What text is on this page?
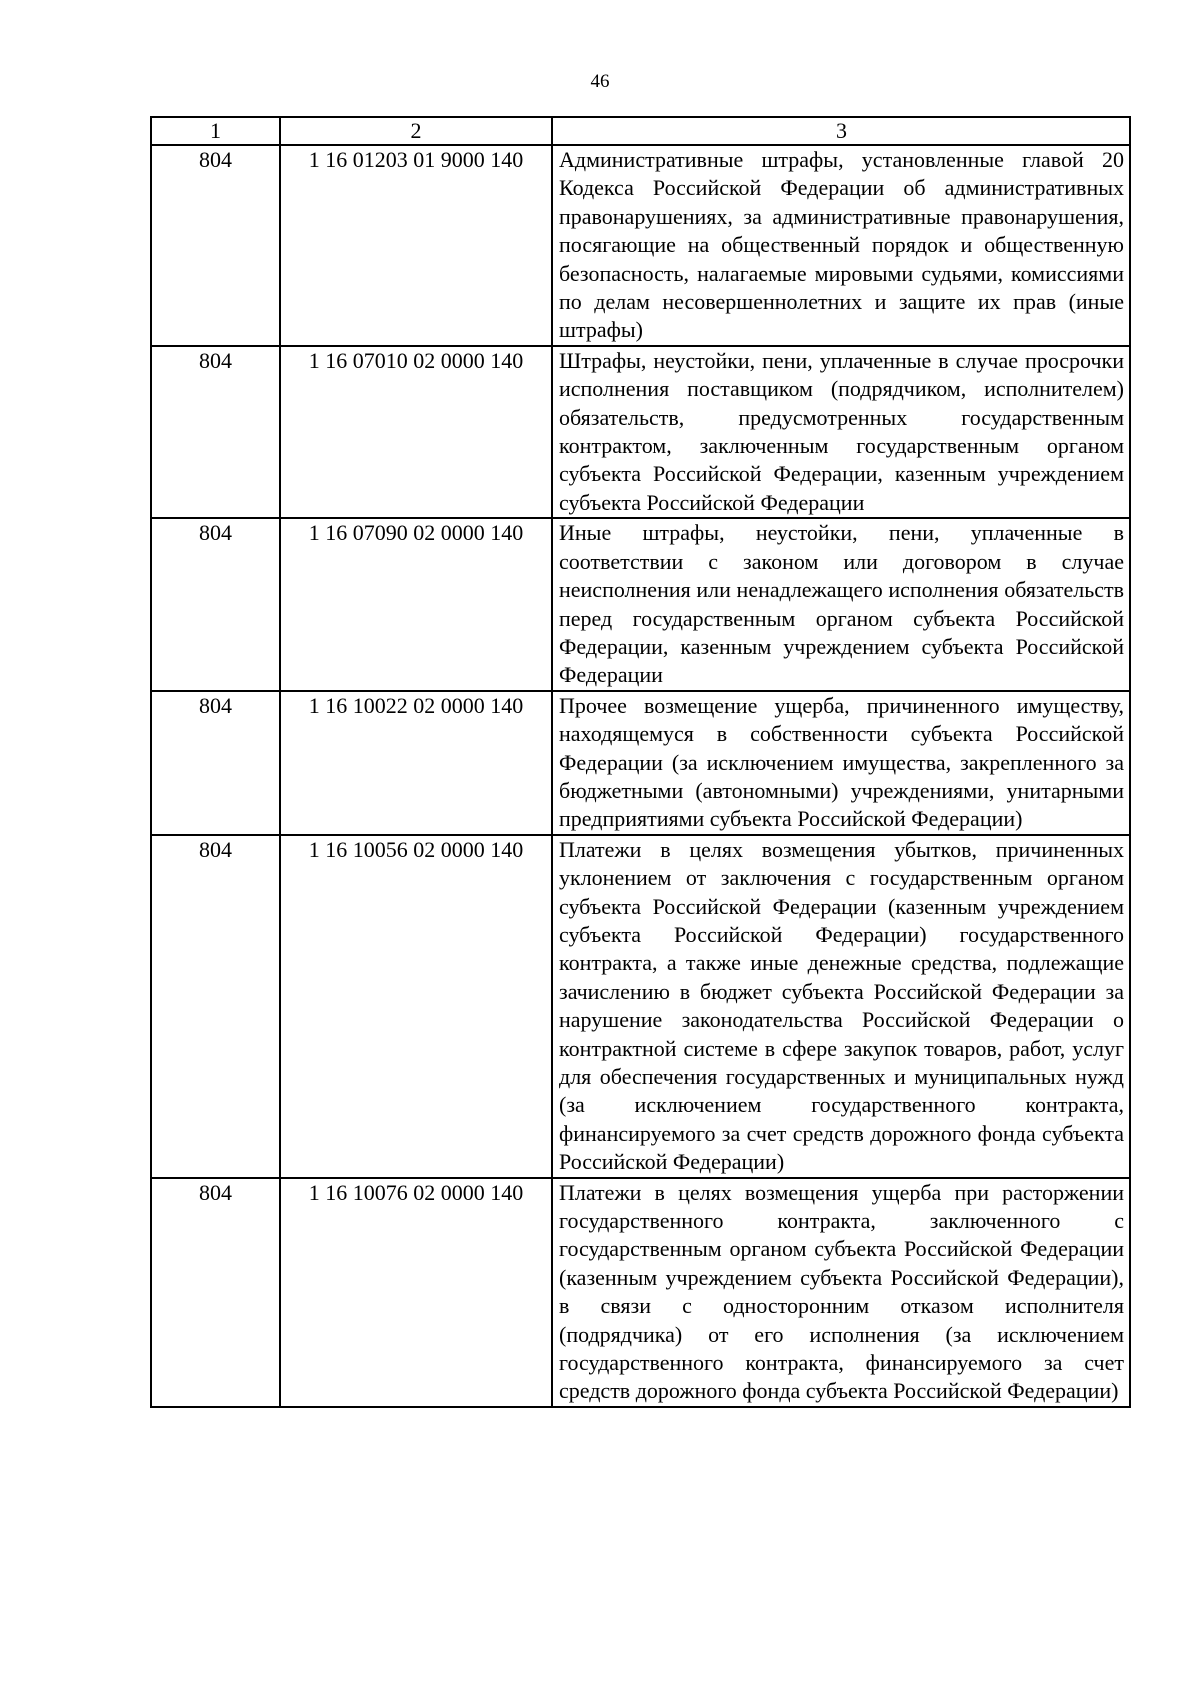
46
1	2	3
804	1 16 01203 01 9000 140	Административные штрафы, установленные главой 20 Кодекса Российской Федерации об административных правонарушениях, за административные правонарушения, посягающие на общественный порядок и общественную безопасность, налагаемые мировыми судьями, комиссиями по делам несовершеннолетних и защите их прав (иные штрафы)
804	1 16 07010 02 0000 140	Штрафы, неустойки, пени, уплаченные в случае просрочки исполнения поставщиком (подрядчиком, исполнителем) обязательств, предусмотренных государственным контрактом, заключенным государственным органом субъекта Российской Федерации, казенным учреждением субъекта Российской Федерации
804	1 16 07090 02 0000 140	Иные штрафы, неустойки, пени, уплаченные в соответствии с законом или договором в случае неисполнения или ненадлежащего исполнения обязательств перед государственным органом субъекта Российской Федерации, казенным учреждением субъекта Российской Федерации
804	1 16 10022 02 0000 140	Прочее возмещение ущерба, причиненного имуществу, находящемуся в собственности субъекта Российской Федерации (за исключением имущества, закрепленного за бюджетными (автономными) учреждениями, унитарными предприятиями субъекта Российской Федерации)
804	1 16 10056 02 0000 140	Платежи в целях возмещения убытков, причиненных уклонением от заключения с государственным органом субъекта Российской Федерации (казенным учреждением субъекта Российской Федерации) государственного контракта, а также иные денежные средства, подлежащие зачислению в бюджет субъекта Российской Федерации за нарушение законодательства Российской Федерации о контрактной системе в сфере закупок товаров, работ, услуг для обеспечения государственных и муниципальных нужд (за исключением государственного контракта, финансируемого за счет средств дорожного фонда субъекта Российской Федерации)
804	1 16 10076 02 0000 140	Платежи в целях возмещения ущерба при расторжении государственного контракта, заключенного с государственным органом субъекта Российской Федерации (казенным учреждением субъекта Российской Федерации), в связи с односторонним отказом исполнителя (подрядчика) от его исполнения (за исключением государственного контракта, финансируемого за счет средств дорожного фонда субъекта Российской Федерации)
